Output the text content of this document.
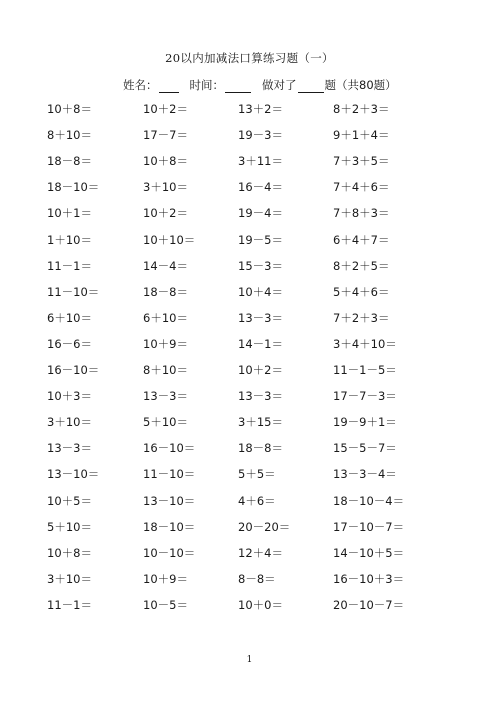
20以内加减法口算练习题（一）
姓名：	时间：	做对了 题（共80题）
10＋8＝	10＋2＝	13＋2＝	8＋2＋3＝
8＋10＝	17－7＝	19－3＝	9＋1＋4＝
18－8＝	10＋8＝	3＋11＝	7＋3＋5＝
18－10＝	3＋10＝	16－4＝	7＋4＋6＝
10＋1＝	10＋2＝	19－4＝	7＋8＋3＝
1＋10＝	10＋10＝	19－5＝	6＋4＋7＝
11－1＝	14－4＝	15－3＝	8＋2＋5＝
11－10＝	18－8＝	10＋4＝	5＋4＋6＝
6＋10＝	6＋10＝	13－3＝	7＋2＋3＝
16－6＝	10＋9＝	14－1＝	3＋4＋10＝
16－10＝	8＋10＝	10＋2＝	11－1－5＝
10＋3＝	13－3＝	13－3＝	17－7－3＝
3＋10＝	5＋10＝	3＋15＝	19－9＋1＝
13－3＝	16－10＝	18－8＝	15－5－7＝
13－10＝	11－10＝	5＋5＝	13－3－4＝
10＋5＝	13－10＝	4＋6＝	18－10－4＝
5＋10＝	18－10＝	20－20＝	17－10－7＝
10＋8＝	10－10＝	12＋4＝	14－10＋5＝
3＋10＝	10＋9＝	8－8＝	16－10＋3＝
11－1＝	10－5＝	10＋0＝	20－10－7＝
1
